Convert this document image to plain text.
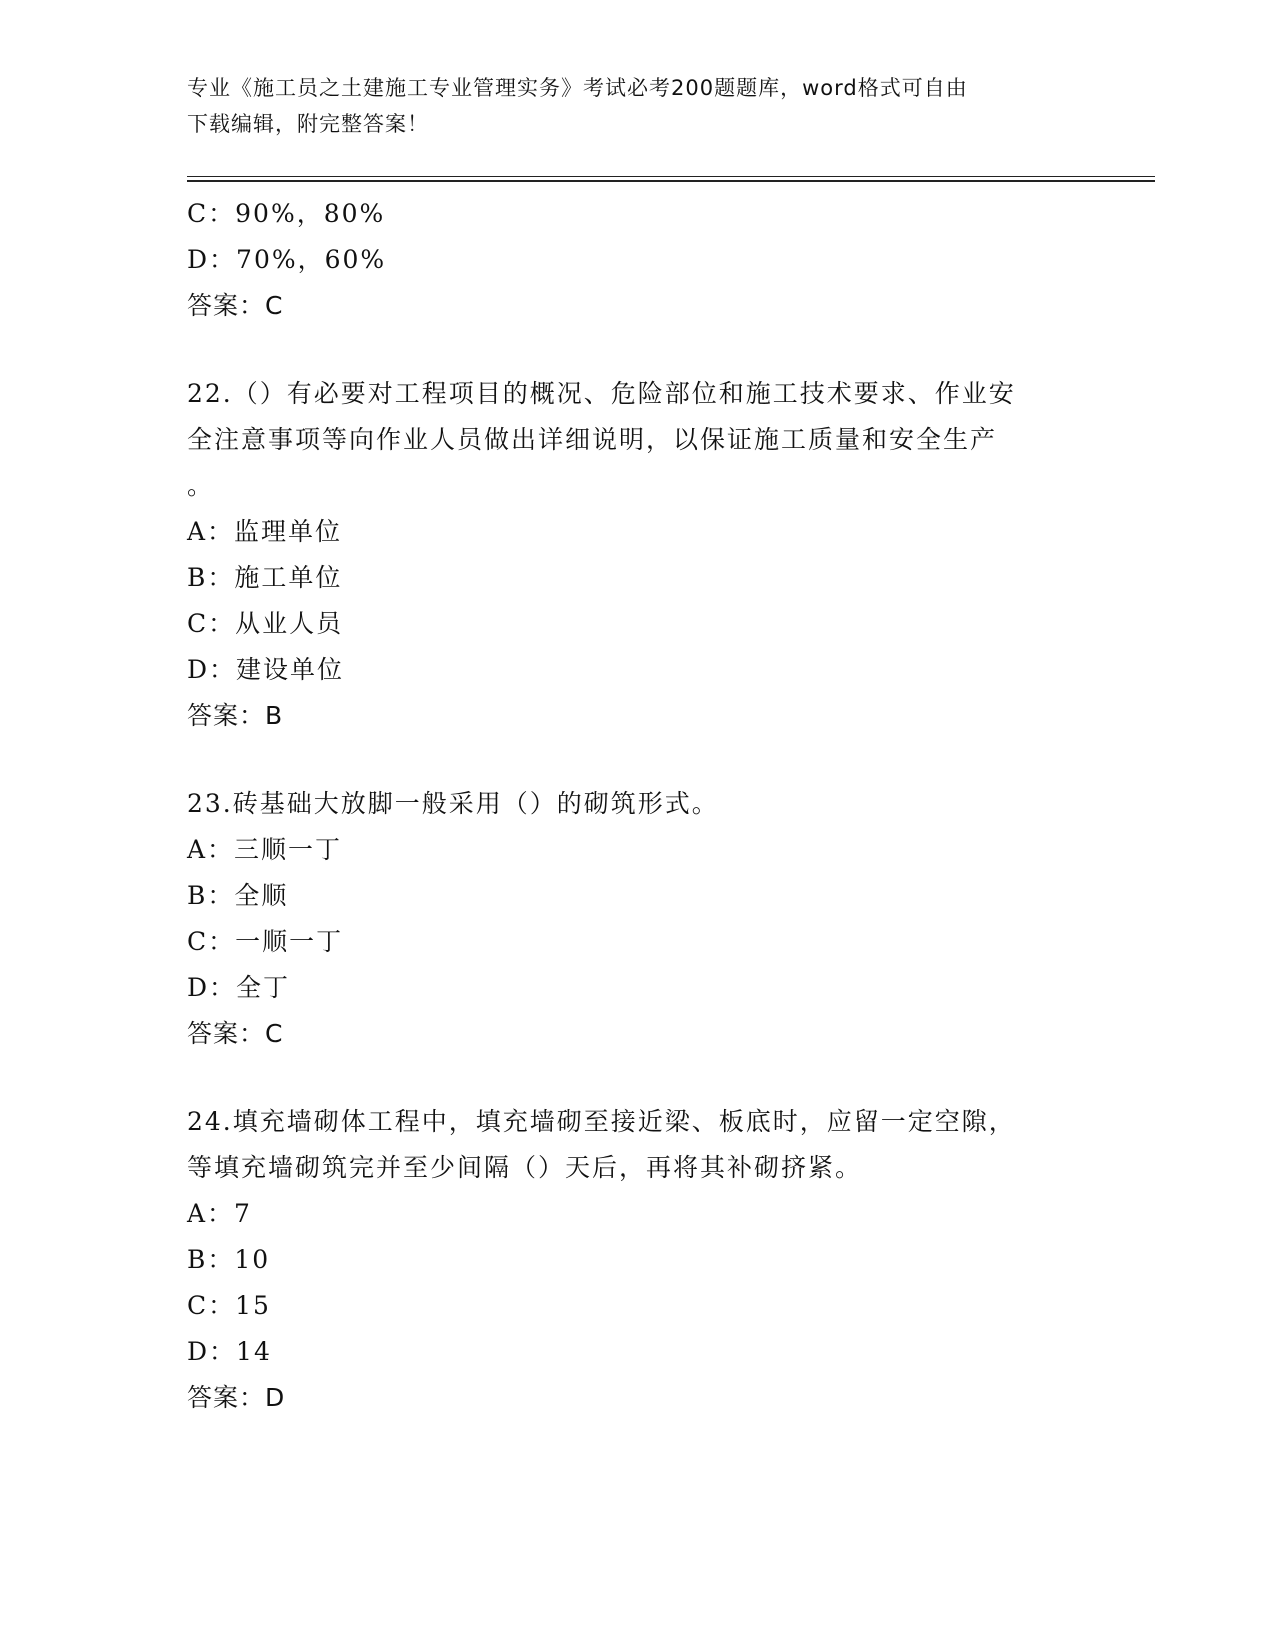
专业《施工员之土建施工专业管理实务》考试必考200题题库，word格式可自由
下载编辑，附完整答案！
C：90%，80%
D：70%，60%
答案：C
22.（）有必要对工程项目的概况、危险部位和施工技术要求、作业安
全注意事项等向作业人员做出详细说明，以保证施工质量和安全生产
。
A：监理单位
B：施工单位
C：从业人员
D：建设单位
答案：B
23.砖基础大放脚一般采用（）的砌筑形式。
A：三顺一丁
B：全顺
C：一顺一丁
D：全丁
答案：C
24.填充墙砌体工程中，填充墙砌至接近梁、板底时，应留一定空隙，
等填充墙砌筑完并至少间隔（）天后，再将其补砌挤紧。
A：7
B：10
C：15
D：14
答案：D
